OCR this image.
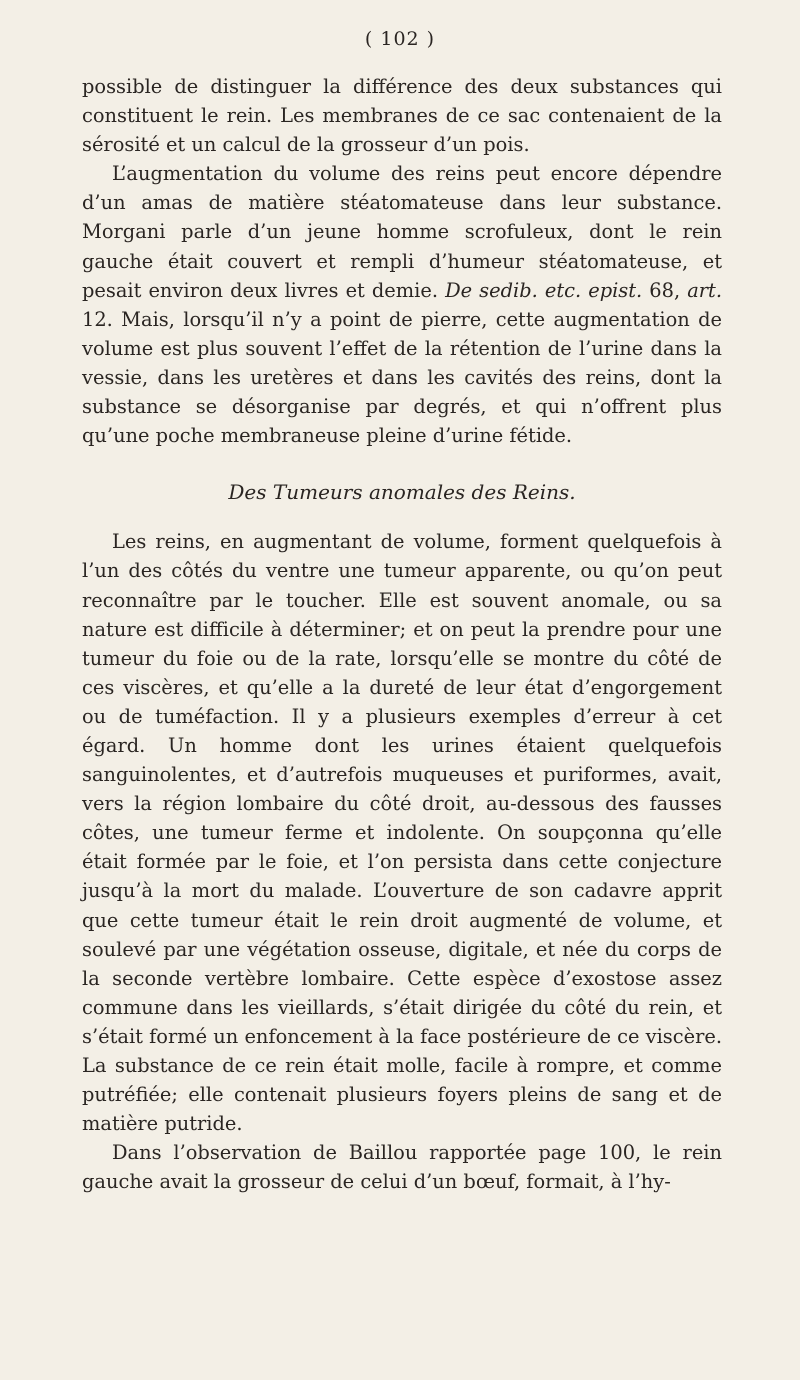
( 102 )

possible de distinguer la différence des deux substances qui constituent le rein. Les membranes de ce sac contenaient de la sérosité et un calcul de la grosseur d’un pois.

L’augmentation du volume des reins peut encore dépendre d’un amas de matière stéatomateuse dans leur substance. Morgani parle d’un jeune homme scrofuleux, dont le rein gauche était couvert et rempli d’humeur stéatomateuse, et pesait environ deux livres et demie. De sedib. etc. epist. 68, art. 12. Mais, lorsqu’il n’y a point de pierre, cette augmentation de volume est plus souvent l’effet de la rétention de l’urine dans la vessie, dans les uretères et dans les cavités des reins, dont la substance se désorganise par degrés, et qui n’offrent plus qu’une poche membraneuse pleine d’urine fétide.

Des Tumeurs anomales des Reins.

Les reins, en augmentant de volume, forment quelquefois à l’un des côtés du ventre une tumeur apparente, ou qu’on peut reconnaître par le toucher. Elle est souvent anomale, ou sa nature est difficile à déterminer; et on peut la prendre pour une tumeur du foie ou de la rate, lorsqu’elle se montre du côté de ces viscères, et qu’elle a la dureté de leur état d’engorgement ou de tuméfaction. Il y a plusieurs exemples d’erreur à cet égard. Un homme dont les urines étaient quelquefois sanguinolentes, et d’autrefois muqueuses et puriformes, avait, vers la région lombaire du côté droit, au-dessous des fausses côtes, une tumeur ferme et indolente. On soupçonna qu’elle était formée par le foie, et l’on persista dans cette conjecture jusqu’à la mort du malade. L’ouverture de son cadavre apprit que cette tumeur était le rein droit augmenté de volume, et soulevé par une végétation osseuse, digitale, et née du corps de la seconde vertèbre lombaire. Cette espèce d’exostose assez commune dans les vieillards, s’était dirigée du côté du rein, et s’était formé un enfoncement à la face postérieure de ce viscère. La substance de ce rein était molle, facile à rompre, et comme putréfiée; elle contenait plusieurs foyers pleins de sang et de matière putride.

Dans l’observation de Baillou rapportée page 100, le rein gauche avait la grosseur de celui d’un bœuf, formait, à l’hy-
